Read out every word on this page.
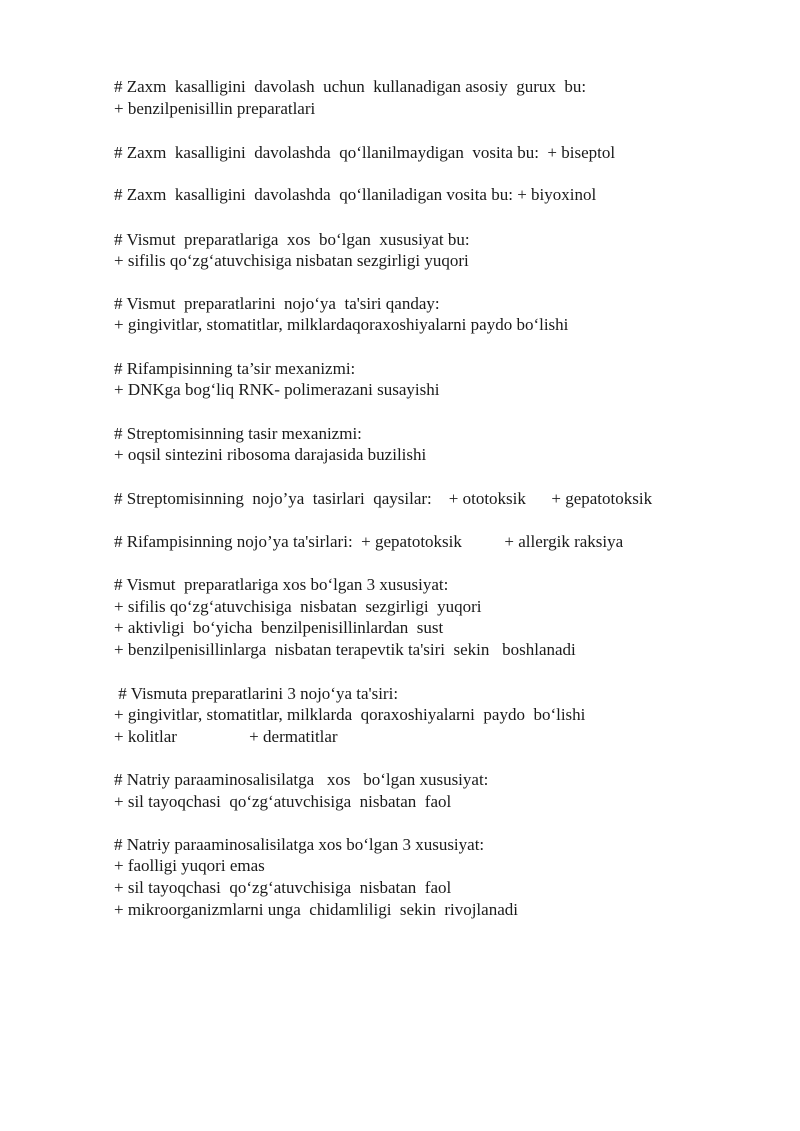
# Zaxm  kasalligini  davolash  uchun  kullanadigan asosiy  gurux  bu:
+ benzilpenisillin preparatlari
# Zaxm  kasalligini  davolashda  qo‘llanilmaydigan  vosita bu:  + biseptol
# Zaxm  kasalligini  davolashda  qo‘llaniladigan vosita bu: + biyoxinol
# Vismut  preparatlariga  xos  bo‘lgan  xususiyat bu:
+ sifilis qo‘zg‘atuvchisiga nisbatan sezgirligi yuqori
# Vismut  preparatlarini  nojo‘ya  ta'siri qanday:
+ gingivitlar, stomatitlar, milklardaqoraxoshiyalarni paydo bo‘lishi
# Rifampisinning ta’sir mexanizmi:
+ DNKga bog‘liq RNK- polimerazani susayishi
# Streptomisinning tasir mexanizmi:
+ oqsil sintezini ribosoma darajasida buzilishi
# Streptomisinning  nojo’ya  tasirlari  qaysilar:    + ototoksik      + gepatotoksik
# Rifampisinning nojo’ya ta'sirlari:  + gepatotoksik          + allergik raksiya
# Vismut  preparatlariga xos bo‘lgan 3 xususiyat:
+ sifilis qo‘zg‘atuvchisiga  nisbatan  sezgirligi  yuqori
+ aktivligi  bo‘yicha  benzilpenisillinlardan  sust
+ benzilpenisillinlarga  nisbatan terapevtik ta'siri  sekin   boshlanadi
# Vismuta preparatlarini 3 nojo‘ya ta'siri:
+ gingivitlar, stomatitlar, milklarda  qoraxoshiyalarni  paydo  bo‘lishi
+ kolitlar                 + dermatitlar
# Natriy paraaminosalisilatga   xos   bo‘lgan xususiyat:
+ sil tayoqchasi  qo‘zg‘atuvchisiga  nisbatan  faol
# Natriy paraaminosalisilatga xos bo‘lgan 3 xususiyat:
+ faolligi yuqori emas
+ sil tayoqchasi  qo‘zg‘atuvchisiga  nisbatan  faol
+ mikroorganizmlarni unga  chidamliligi  sekin  rivojlanadi
